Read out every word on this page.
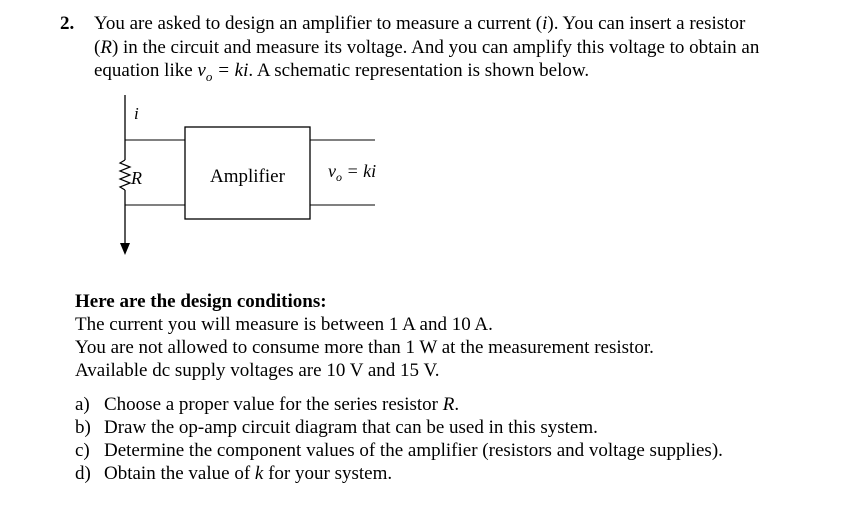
2. You are asked to design an amplifier to measure a current (i). You can insert a resistor

(R) in the circuit and measure its voltage. And you can amplify this voltage to obtain an

equation like $v_o$ = ki. A schematic representation is shown below.

i
R	Amplifier $v_o$ = ki
Here are the design conditions:
The current you will measure is between 1 A and 10 A.
You are not allowed to consume more than 1 W at the measurement resistor.
Available dc supply voltages are 10 V and 15 V.
a) Choose a proper value for the series resistor R.
b) Draw the op-amp circuit diagram that can be used in this system.
c) Determine the component values of the amplifier (resistors and voltage supplies).
d) Obtain the value of k for your system.
